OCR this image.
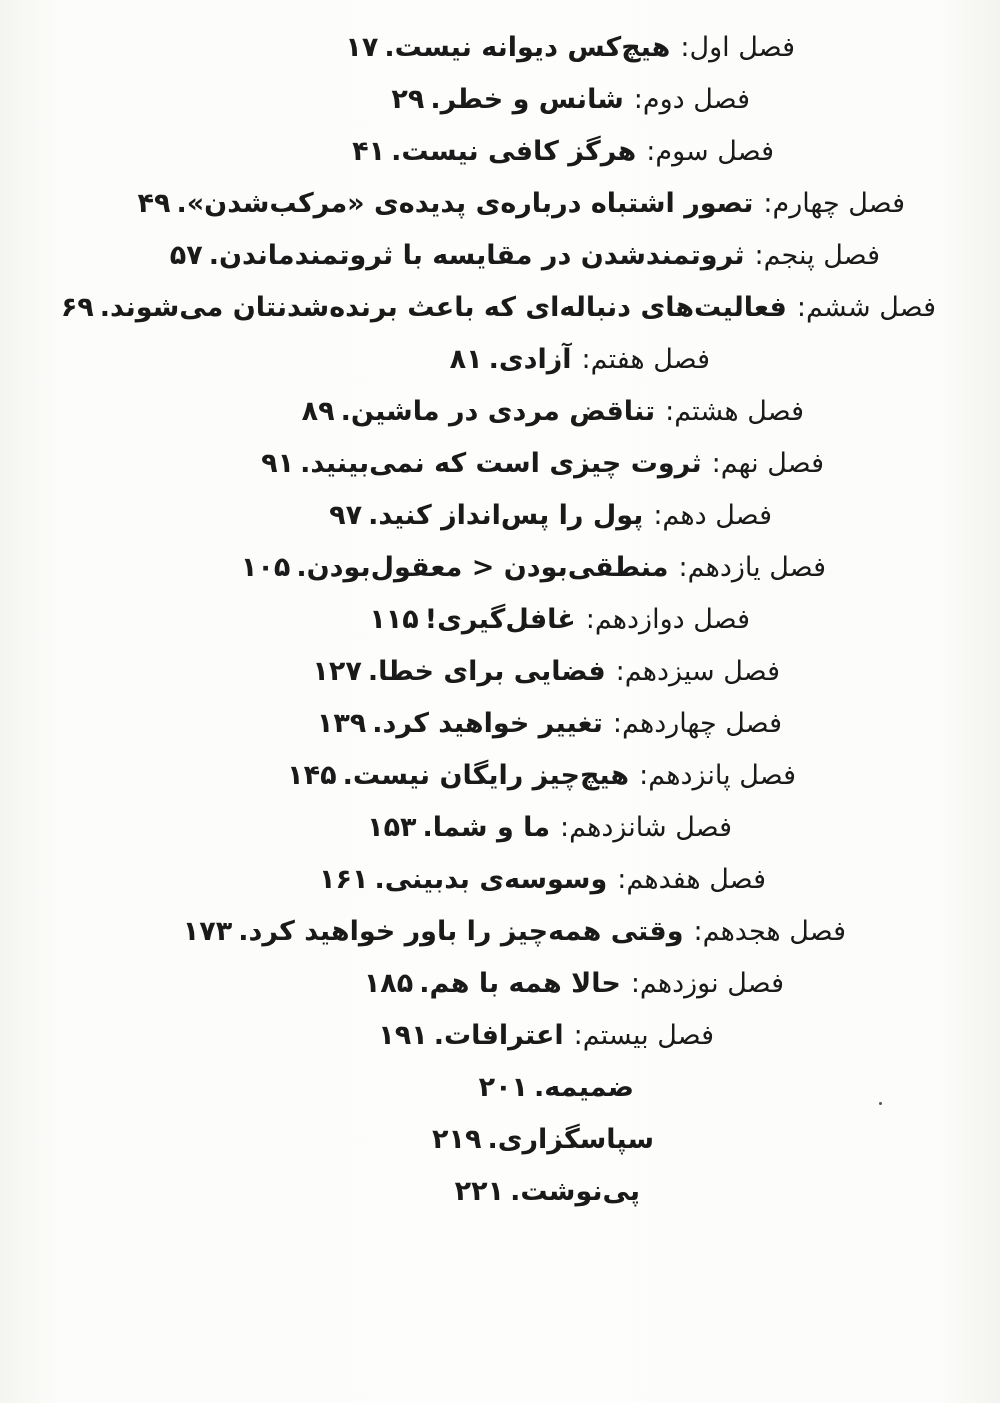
فصل اول:هیچ‌کس دیوانه نیست.۱۷
فصل دوم:شانس و خطر.۲۹
فصل سوم:هرگز کافی نیست.۴۱
فصل چهارم:تصور اشتباه درباره‌ی پدیده‌ی «مرکب‌شدن».۴۹
فصل پنجم:ثروتمندشدن در مقایسه با ثروتمندماندن.۵۷
فصل ششم:فعالیت‌های دنباله‌ای که باعث برنده‌شدنتان می‌شوند.۶۹
فصل هفتم:آزادی.۸۱
فصل هشتم:تناقض مردی در ماشین.۸۹
فصل نهم:ثروت چیزی است که نمی‌بینید.۹۱
فصل دهم:پول را پس‌انداز کنید.۹۷
فصل یازدهم:منطقی‌بودن < معقول‌بودن.۱۰۵
فصل دوازدهم:غافل‌گیری!۱۱۵
فصل سیزدهم:فضایی برای خطا.۱۲۷
فصل چهاردهم:تغییر خواهید کرد.۱۳۹
فصل پانزدهم:هیچ‌چیز رایگان نیست.۱۴۵
فصل شانزدهم:ما و شما.۱۵۳
فصل هفدهم:وسوسه‌ی بدبینی.۱۶۱
فصل هجدهم:وقتی همه‌چیز را باور خواهید کرد.۱۷۳
فصل نوزدهم:حالا همه با هم.۱۸۵
فصل بیستم:اعترافات.۱۹۱
ضمیمه.۲۰۱
سپاسگزاری.۲۱۹
پی‌نوشت.۲۲۱
